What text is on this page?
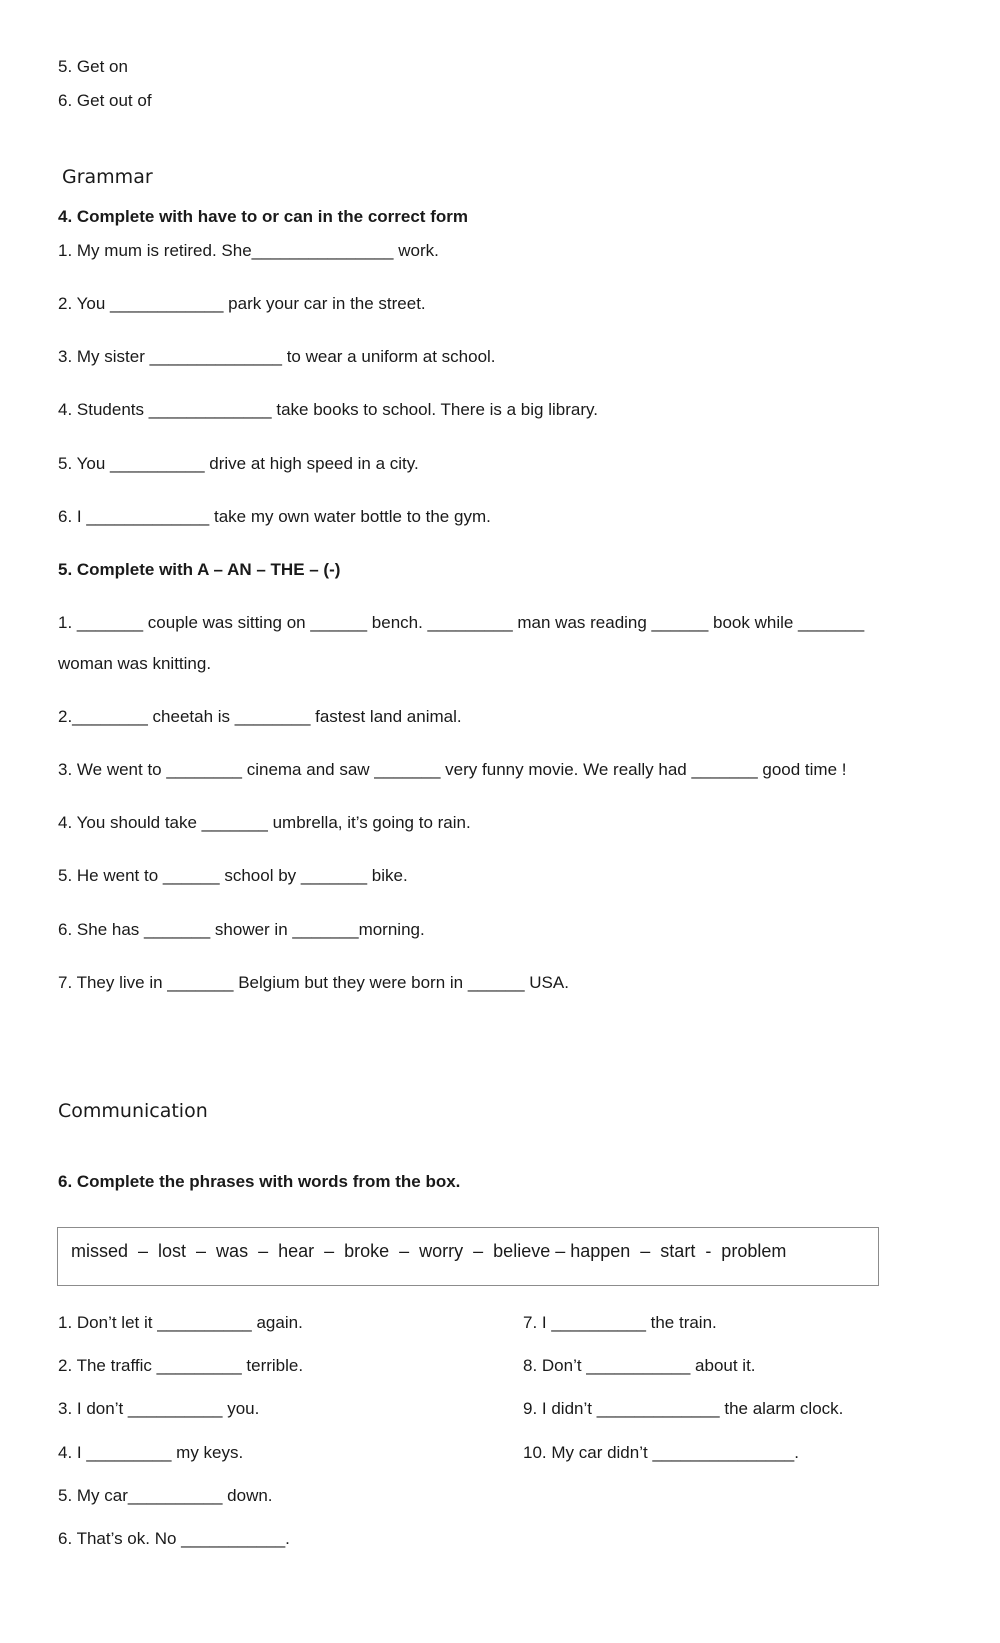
5. Get on
6. Get out of
Grammar
4. Complete with have to or can in the correct form
1. My mum is retired. She_______________ work.
2. You ____________ park your car in the street.
3. My sister ______________ to wear a uniform at school.
4. Students _____________ take books to school. There is a big library.
5. You __________ drive at high speed in a city.
6. I _____________ take my own water bottle to the gym.
5. Complete with A – AN – THE – (-)
1. _______ couple was sitting on ______ bench. _________ man was reading ______ book while _______
woman was knitting.
2.________ cheetah is ________ fastest land animal.
3. We went to ________ cinema and saw _______ very funny movie. We really had _______ good time !
4. You should take _______ umbrella, it’s going to rain.
5. He went to ______ school by _______ bike.
6. She has _______ shower in _______morning.
7. They live in _______ Belgium but they were born in ______ USA.
Communication
6. Complete the phrases with words from the box.
missed  –  lost  –  was  –  hear  –  broke  –  worry  –  believe – happen  –  start  -  problem
1. Don’t let it __________ again.
2. The traffic _________ terrible.
3. I don’t __________ you.
4. I _________ my keys.
5. My car__________ down.
6. That’s ok. No ___________.
7. I __________ the train.
8. Don’t ___________ about it.
9. I didn’t _____________ the alarm clock.
10. My car didn’t _______________.
